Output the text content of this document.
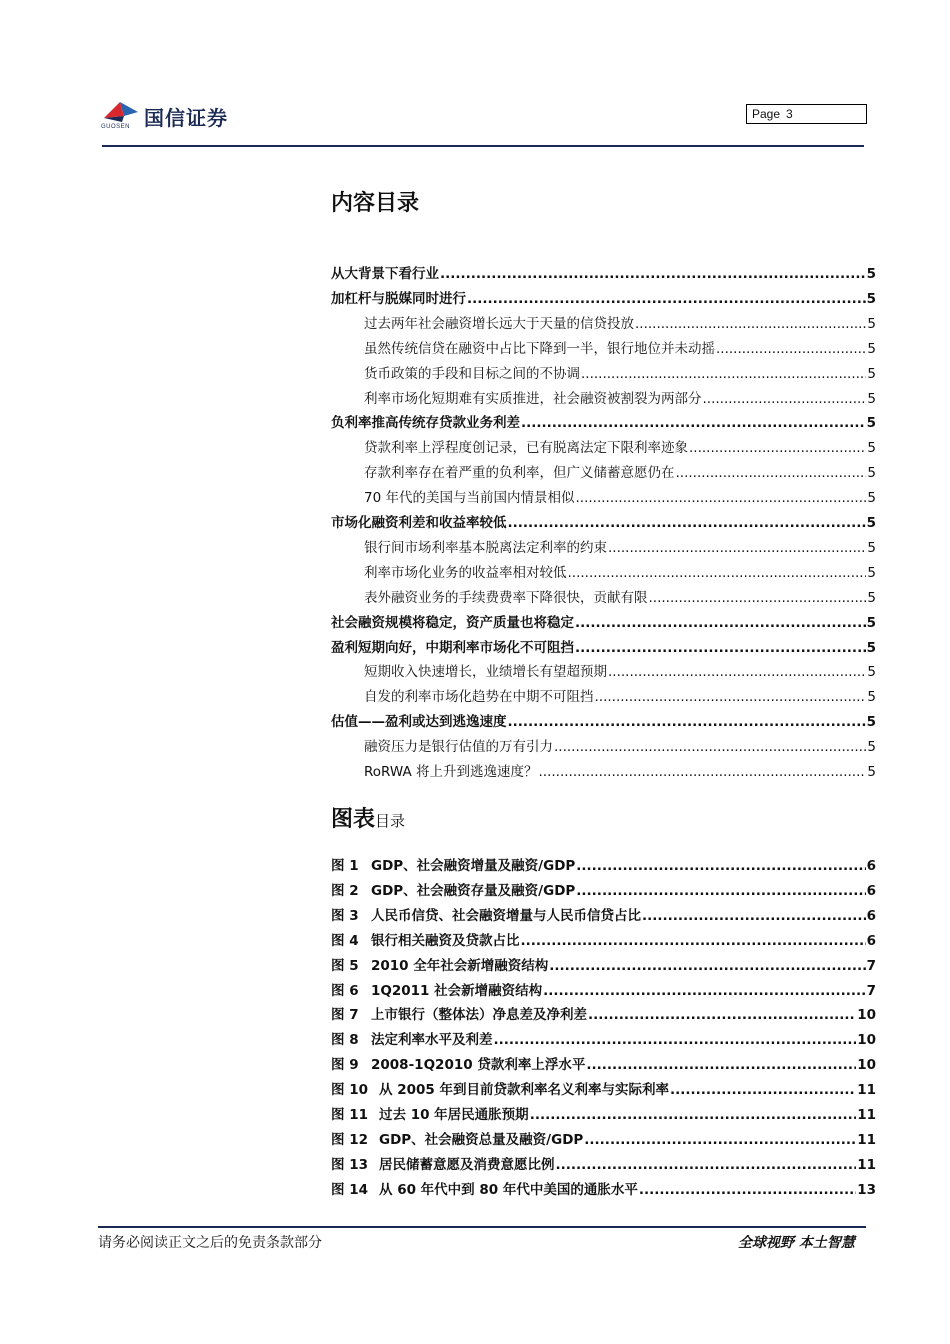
国信证券
GUOSEN
Page 3
内容目录
从大背景下看行业 .....	5
加杠杆与脱媒同时进行 .....	5
过去两年社会融资增长远大于天量的信贷投放 .....	5
虽然传统信贷在融资中占比下降到一半，银行地位并未动摇 .....	5
货币政策的手段和目标之间的不协调 .....	5
利率市场化短期难有实质推进，社会融资被割裂为两部分 .....	5
负利率推高传统存贷款业务利差 .....	5
贷款利率上浮程度创记录，已有脱离法定下限利率迹象 .....	5
存款利率存在着严重的负利率，但广义储蓄意愿仍在 .....	5
70 年代的美国与当前国内情景相似 .....	5
市场化融资利差和收益率较低 .....	5
银行间市场利率基本脱离法定利率的约束 .....	5
利率市场化业务的收益率相对较低 .....	5
表外融资业务的手续费费率下降很快，贡献有限 .....	5
社会融资规模将稳定，资产质量也将稳定 .....	5
盈利短期向好，中期利率市场化不可阻挡 .....	5
短期收入快速增长，业绩增长有望超预期 .....	5
自发的利率市场化趋势在中期不可阻挡 .....	5
估值——盈利或达到逃逸速度 .....	5
融资压力是银行估值的万有引力 .....	5
RoRWA 将上升到逃逸速度？ .....	5
图表目录
图 1 GDP、社会融资增量及融资/GDP .....	6
图 2 GDP、社会融资存量及融资/GDP .....	6
图 3 人民币信贷、社会融资增量与人民币信贷占比 .....	6
图 4 银行相关融资及贷款占比 .....	6
图 5 2010 全年社会新增融资结构 .....	7
图 6 1Q2011 社会新增融资结构 .....	7
图 7 上市银行（整体法）净息差及净利差 .....	10
图 8 法定利率水平及利差 .....	10
图 9 2008-1Q2010 贷款利率上浮水平 .....	10
图 10 从 2005 年到目前贷款利率名义利率与实际利率 .....	11
图 11 过去 10 年居民通胀预期 .....	11
图 12 GDP、社会融资总量及融资/GDP .....	11
图 13 居民储蓄意愿及消费意愿比例 .....	11
图 14 从 60 年代中到 80 年代中美国的通胀水平 .....	13
请务必阅读正文之后的免责条款部分	全球视野 本土智慧
